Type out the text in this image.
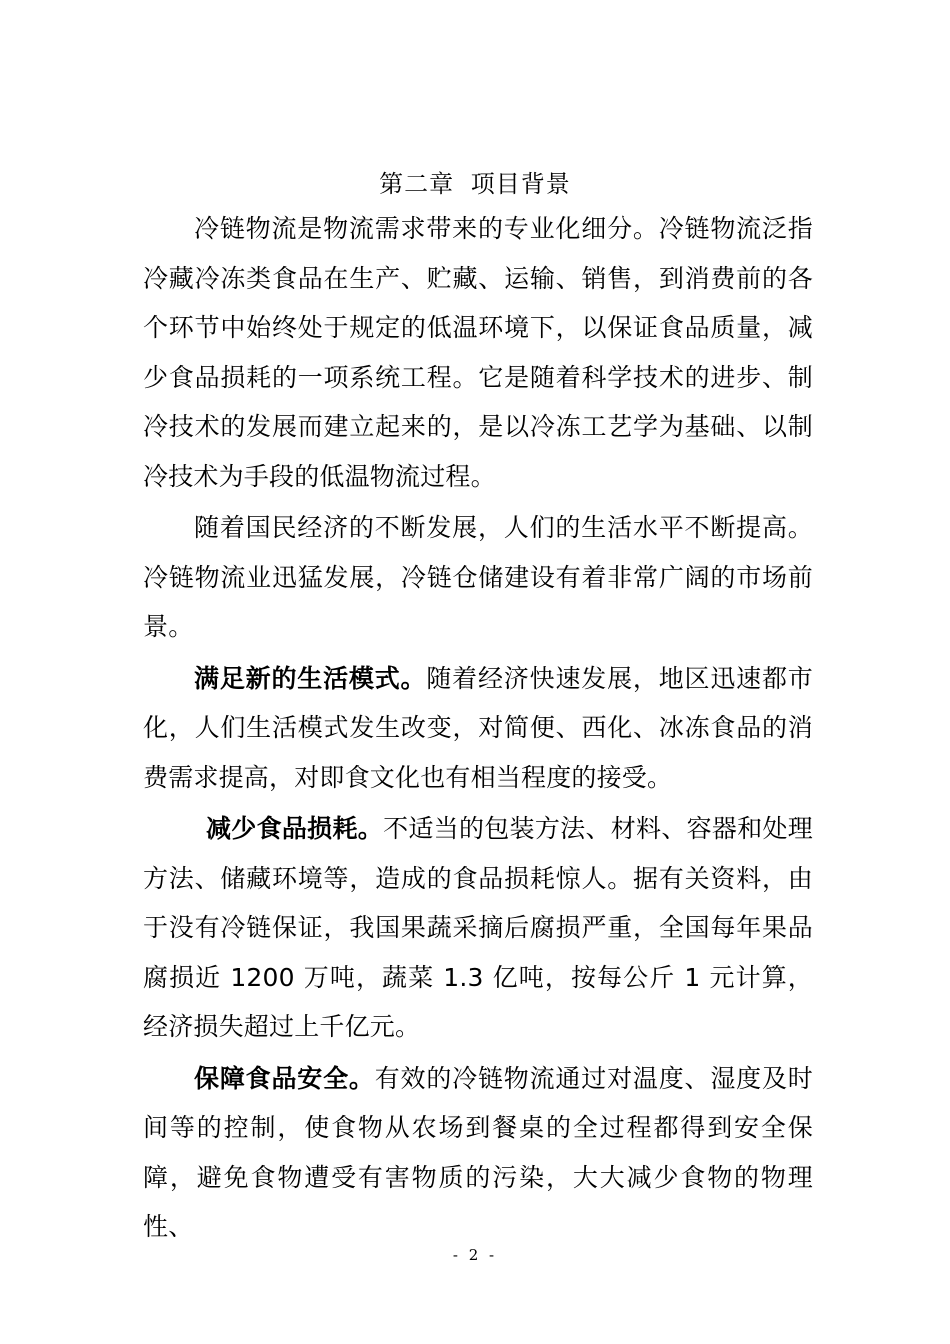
第二章 项目背景

冷链物流是物流需求带来的专业化细分。冷链物流泛指冷藏冷冻类食品在生产、贮藏、运输、销售，到消费前的各个环节中始终处于规定的低温环境下，以保证食品质量，减少食品损耗的一项系统工程。它是随着科学技术的进步、制冷技术的发展而建立起来的，是以冷冻工艺学为基础、以制冷技术为手段的低温物流过程。

随着国民经济的不断发展，人们的生活水平不断提高。冷链物流业迅猛发展，冷链仓储建设有着非常广阔的市场前景。

满足新的生活模式。随着经济快速发展，地区迅速都市化，人们生活模式发生改变，对简便、西化、冰冻食品的消费需求提高，对即食文化也有相当程度的接受。

减少食品损耗。不适当的包装方法、材料、容器和处理方法、储藏环境等，造成的食品损耗惊人。据有关资料，由于没有冷链保证，我国果蔬采摘后腐损严重，全国每年果品腐损近 1200 万吨，蔬菜 1.3 亿吨，按每公斤 1 元计算，经济损失超过上千亿元。

保障食品安全。有效的冷链物流通过对温度、湿度及时间等的控制，使食物从农场到餐桌的全过程都得到安全保障，避免食物遭受有害物质的污染，大大减少食物的物理性、

- 2 -
